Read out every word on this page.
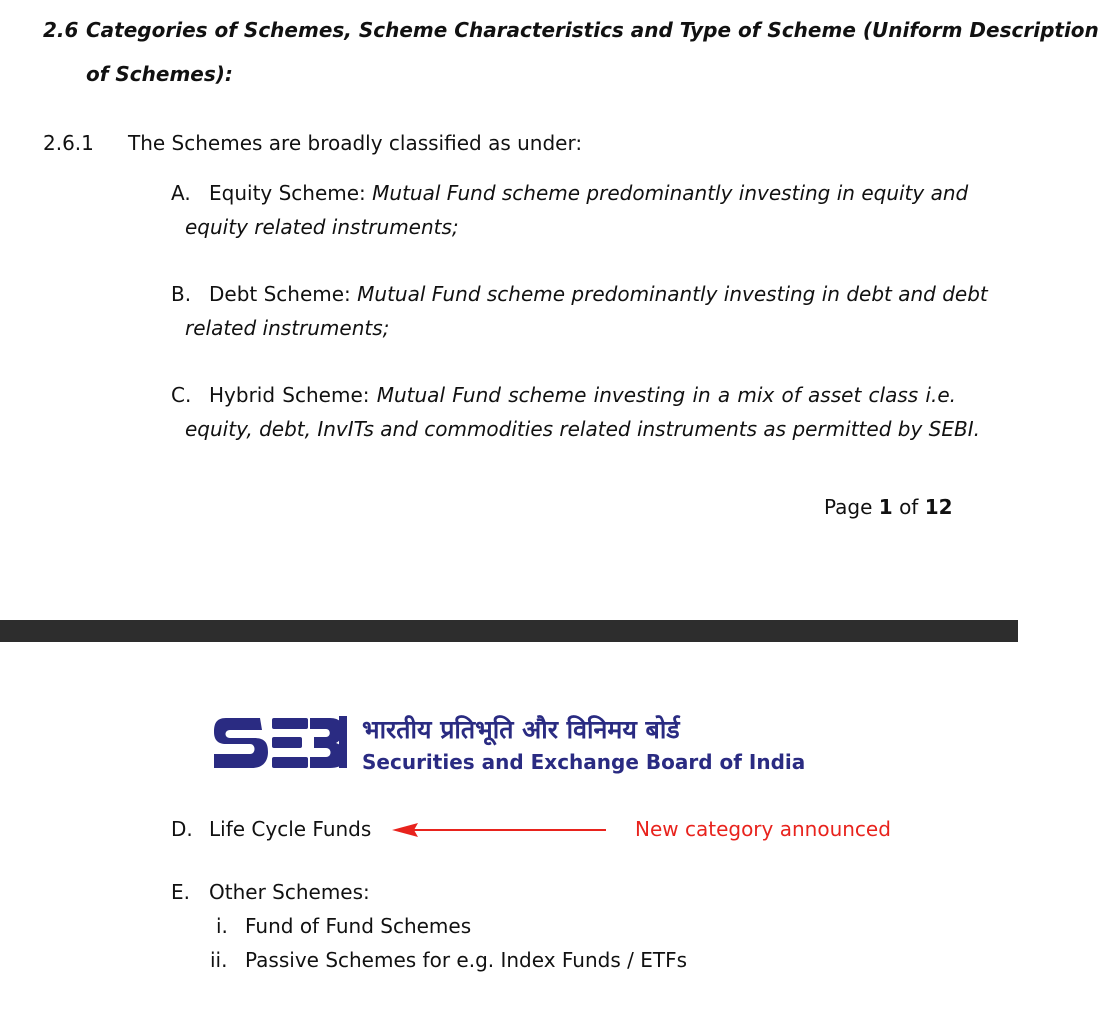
2.6 Categories of Schemes, Scheme Characteristics and Type of Scheme (Uniform Description
of Schemes):
2.6.1 The Schemes are broadly classified as under:
A. Equity Scheme: Mutual Fund scheme predominantly investing in equity and
equity related instruments;
B. Debt Scheme: Mutual Fund scheme predominantly investing in debt and debt
related instruments;
C. Hybrid Scheme: Mutual Fund scheme investing in a mix of asset class i.e.
equity, debt, InvITs and commodities related instruments as permitted by SEBI.
Page 1 of 12
भारतीय प्रतिभूति और विनिमय बोर्ड
Securities and Exchange Board of India
D. Life Cycle Funds	New category announced
E. Other Schemes:
i. Fund of Fund Schemes
ii. Passive Schemes for e.g. Index Funds / ETFs
